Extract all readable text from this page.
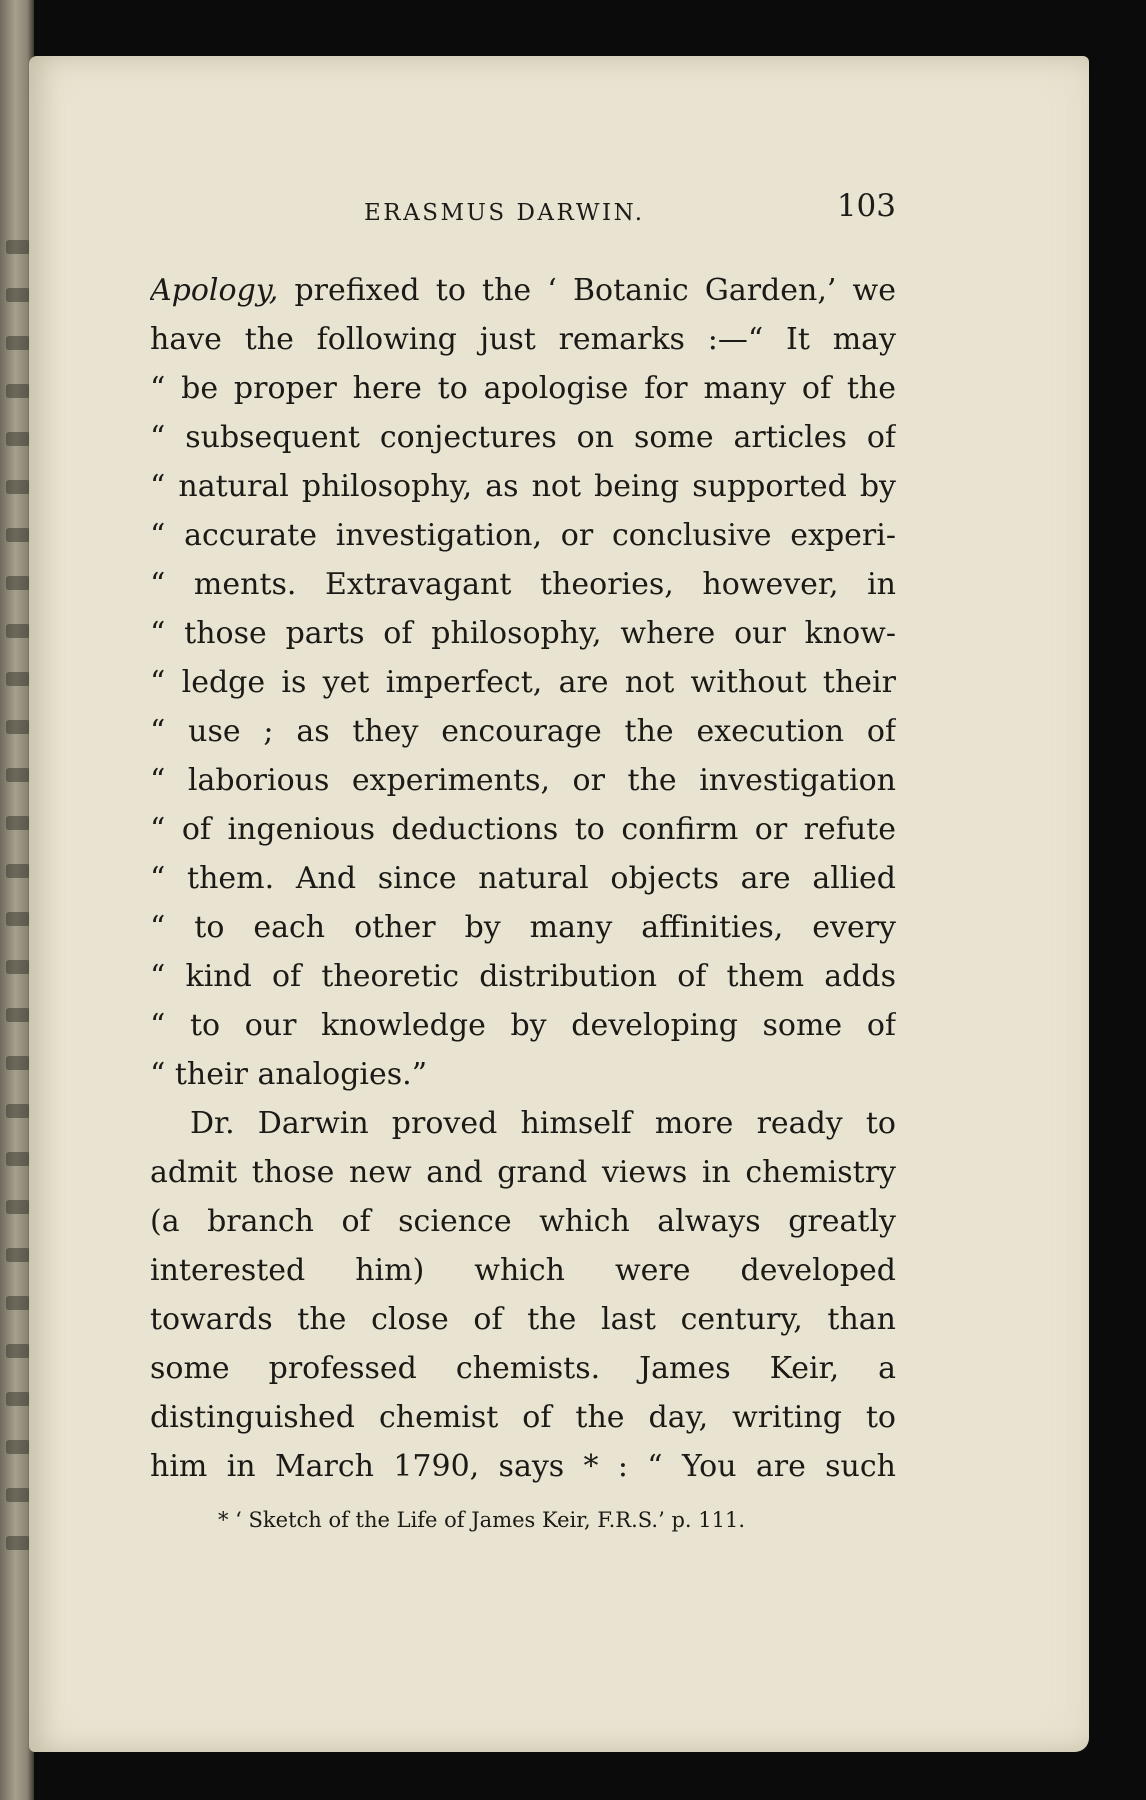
ERASMUS DARWIN.	103
Apology, prefixed to the ‘ Botanic Garden,’ we
have the following just remarks :—“ It may
“ be proper here to apologise for many of the
“ subsequent conjectures on some articles of
“ natural philosophy, as not being supported by
“ accurate investigation, or conclusive experi-
“ ments. Extravagant theories, however, in
“ those parts of philosophy, where our know-
“ ledge is yet imperfect, are not without their
“ use ; as they encourage the execution of
“ laborious experiments, or the investigation
“ of ingenious deductions to confirm or refute
“ them. And since natural objects are allied
“ to each other by many affinities, every
“ kind of theoretic distribution of them adds
“ to our knowledge by developing some of
“ their analogies.”
Dr. Darwin proved himself more ready to
admit those new and grand views in chemistry
(a branch of science which always greatly
interested him) which were developed
towards the close of the last century, than
some professed chemists. James Keir, a
distinguished chemist of the day, writing to
him in March 1790, says * : “ You are such
* ‘ Sketch of the Life of James Keir, F.R.S.’ p. 111.
